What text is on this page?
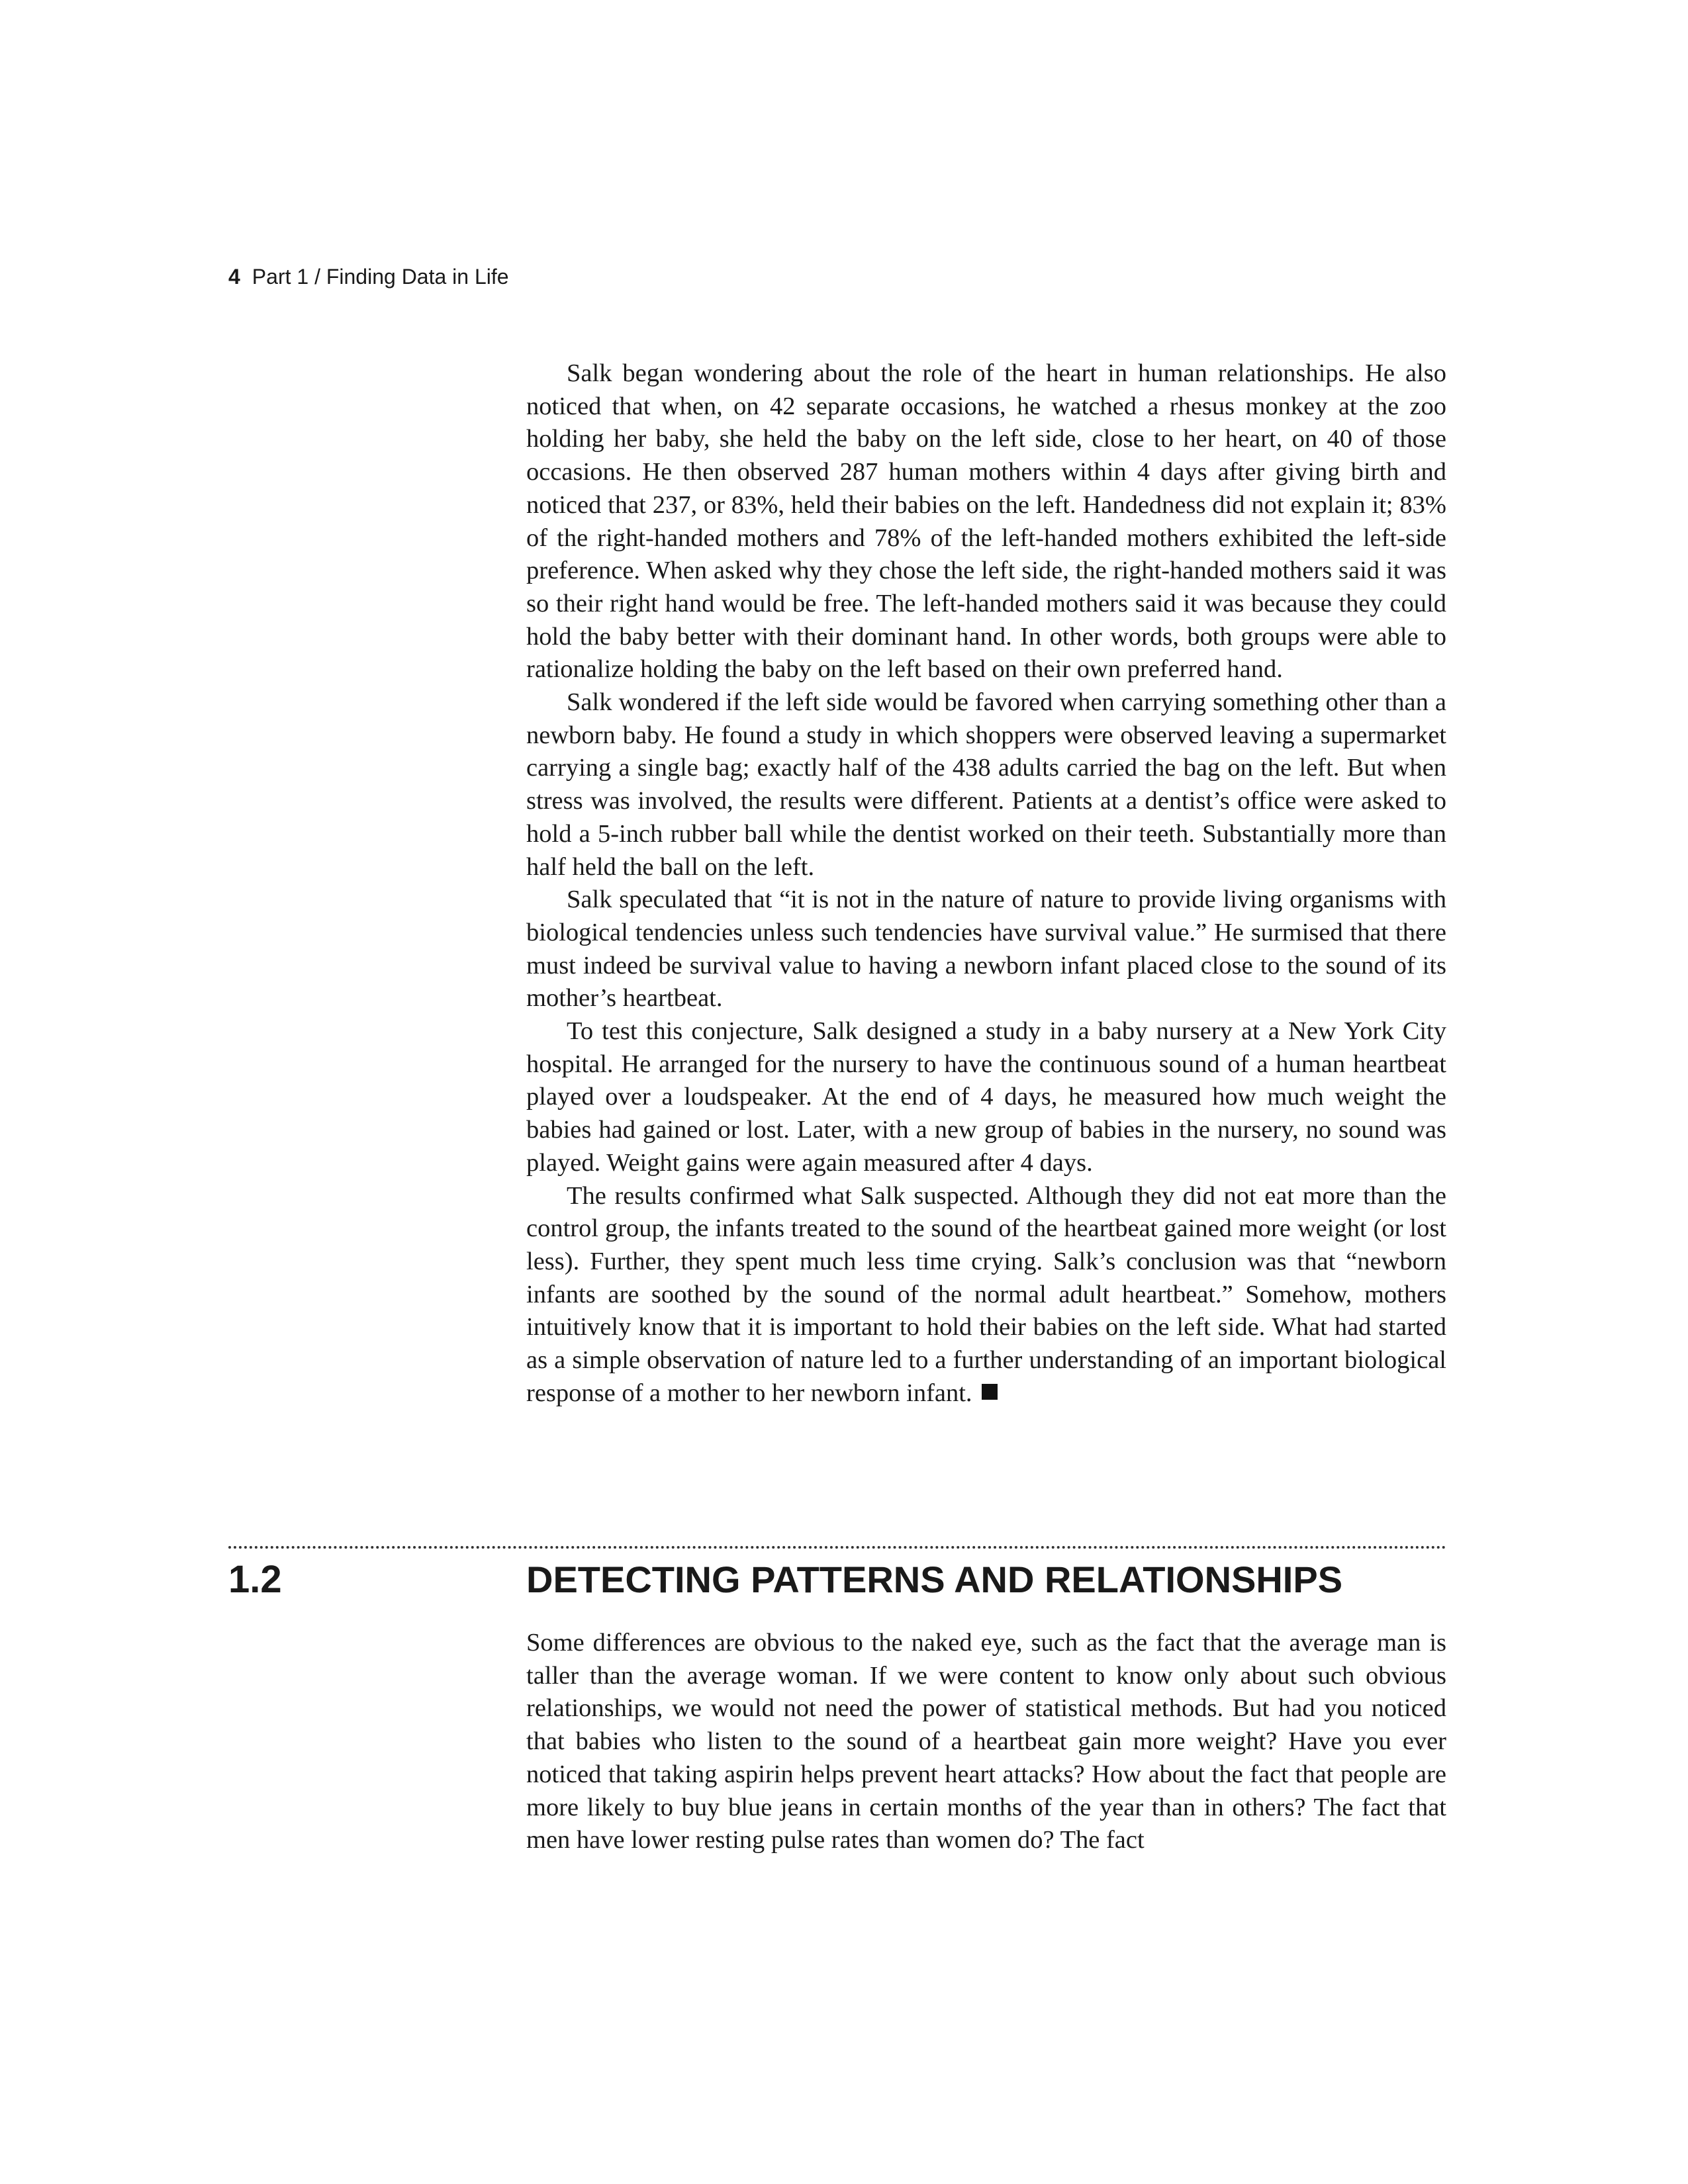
4 Part 1 / Finding Data in Life

Salk began wondering about the role of the heart in human relationships. He also noticed that when, on 42 separate occasions, he watched a rhesus monkey at the zoo holding her baby, she held the baby on the left side, close to her heart, on 40 of those occasions. He then observed 287 human mothers within 4 days after giving birth and noticed that 237, or 83%, held their babies on the left. Handedness did not explain it; 83% of the right-handed mothers and 78% of the left-handed mothers exhibited the left-side preference. When asked why they chose the left side, the right-handed mothers said it was so their right hand would be free. The left-handed mothers said it was because they could hold the baby better with their dominant hand. In other words, both groups were able to rationalize holding the baby on the left based on their own preferred hand.

Salk wondered if the left side would be favored when carrying something other than a newborn baby. He found a study in which shoppers were observed leaving a supermarket carrying a single bag; exactly half of the 438 adults carried the bag on the left. But when stress was involved, the results were different. Patients at a dentist’s office were asked to hold a 5-inch rubber ball while the dentist worked on their teeth. Substantially more than half held the ball on the left.

Salk speculated that “it is not in the nature of nature to provide living organisms with biological tendencies unless such tendencies have survival value.” He surmised that there must indeed be survival value to having a newborn infant placed close to the sound of its mother’s heartbeat.

To test this conjecture, Salk designed a study in a baby nursery at a New York City hospital. He arranged for the nursery to have the continuous sound of a human heartbeat played over a loudspeaker. At the end of 4 days, he measured how much weight the babies had gained or lost. Later, with a new group of babies in the nursery, no sound was played. Weight gains were again measured after 4 days.

The results confirmed what Salk suspected. Although they did not eat more than the control group, the infants treated to the sound of the heartbeat gained more weight (or lost less). Further, they spent much less time crying. Salk’s conclusion was that “newborn infants are soothed by the sound of the normal adult heartbeat.” Somehow, mothers intuitively know that it is important to hold their babies on the left side. What had started as a simple observation of nature led to a further understanding of an important biological response of a mother to her newborn infant.

1.2	DETECTING PATTERNS AND RELATIONSHIPS

Some differences are obvious to the naked eye, such as the fact that the average man is taller than the average woman. If we were content to know only about such obvious relationships, we would not need the power of statistical methods. But had you noticed that babies who listen to the sound of a heartbeat gain more weight? Have you ever noticed that taking aspirin helps prevent heart attacks? How about the fact that people are more likely to buy blue jeans in certain months of the year than in others? The fact that men have lower resting pulse rates than women do? The fact
